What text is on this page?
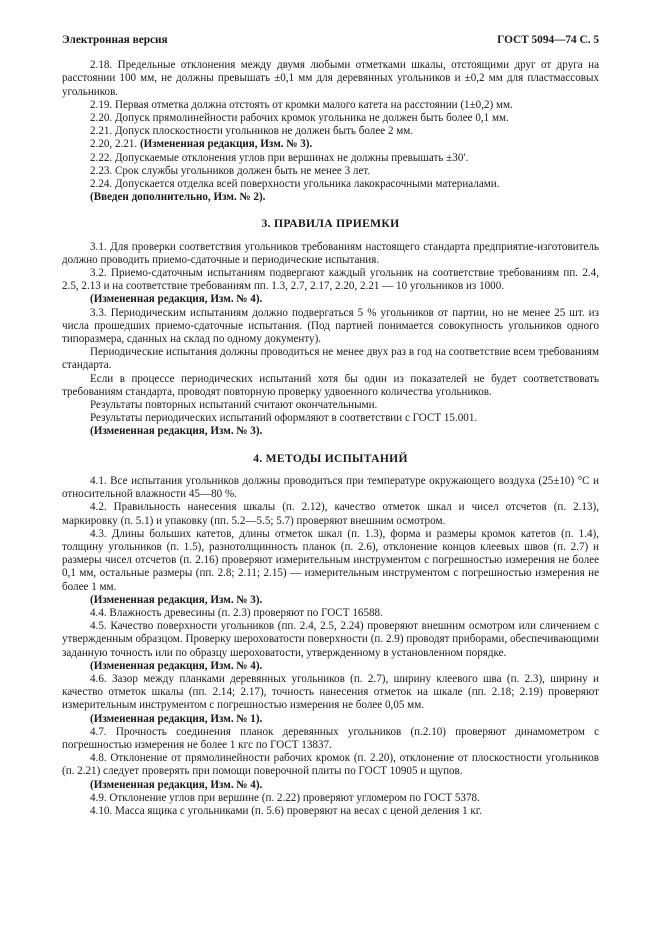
Электронная версия	ГОСТ 5094—74 С. 5

2.18. Предельные отклонения между двумя любыми отметками шкалы, отстоящими друг от друга на расстоянии 100 мм, не должны превышать ±0,1 мм для деревянных угольников и ±0,2 мм для пластмассовых угольников.

2.19. Первая отметка должна отстоять от кромки малого катета на расстоянии (1±0,2) мм.

2.20. Допуск прямолинейности рабочих кромок угольника не должен быть более 0,1 мм.

2.21. Допуск плоскостности угольников не должен быть более 2 мм.

2.20, 2.21. (Измененная редакция, Изм. № 3).

2.22. Допускаемые отклонения углов при вершинах не должны превышать ±30′.

2.23. Срок службы угольников должен быть не менее 3 лет.

2.24. Допускается отделка всей поверхности угольника лакокрасочными материалами.

(Введен дополнительно, Изм. № 2).

3. ПРАВИЛА ПРИЕМКИ

3.1. Для проверки соответствия угольников требованиям настоящего стандарта предприятие-изготовитель должно проводить приемо-сдаточные и периодические испытания.

3.2. Приемо-сдаточным испытаниям подвергают каждый угольник на соответствие требованиям пп. 2.4, 2.5, 2.13 и на соответствие требованиям пп. 1.3, 2.7, 2.17, 2.20, 2.21 — 10 угольников из 1000.

(Измененная редакция, Изм. № 4).

3.3. Периодическим испытаниям должно подвергаться 5 % угольников от партии, но не менее 25 шт. из числа прошедших приемо-сдаточные испытания. (Под партией понимается совокупность угольников одного типоразмера, сданных на склад по одному документу).

Периодические испытания должны проводиться не менее двух раз в год на соответствие всем требованиям стандарта.

Если в процессе периодических испытаний хотя бы один из показателей не будет соответствовать требованиям стандарта, проводят повторную проверку удвоенного количества угольников.

Результаты повторных испытаний считают окончательными.

Результаты периодических испытаний оформляют в соответствии с ГОСТ 15.001.

(Измененная редакция, Изм. № 3).

4. МЕТОДЫ ИСПЫТАНИЙ

4.1. Все испытания угольников должны проводиться при температуре окружающего воздуха (25±10) °С и относительной влажности 45—80 %.

4.2. Правильность нанесения шкалы (п. 2.12), качество отметок шкал и чисел отсчетов (п. 2.13), маркировку (п. 5.1) и упаковку (пп. 5.2—5.5; 5.7) проверяют внешним осмотром.

4.3. Длины больших катетов, длины отметок шкал (п. 1.3), форма и размеры кромок катетов (п. 1.4), толщину угольников (п. 1.5), разнотолщинность планок (п. 2.6), отклонение концов клеевых швов (п. 2.7) и размеры чисел отсчетов (п. 2.16) проверяют измерительным инструментом с погрешностью измерения не более 0,1 мм, остальные размеры (пп. 2.8; 2.11; 2.15) — измерительным инструментом с погрешностью измерения не более 1 мм.

(Измененная редакция, Изм. № 3).

4.4. Влажность древесины (п. 2.3) проверяют по ГОСТ 16588.

4.5. Качество поверхности угольников (пп. 2.4, 2.5, 2.24) проверяют внешним осмотром или сличением с утвержденным образцом. Проверку шероховатости поверхности (п. 2.9) проводят приборами, обеспечивающими заданную точность или по образцу шероховатости, утвержденному в установленном порядке.

(Измененная редакция, Изм. № 4).

4.6. Зазор между планками деревянных угольников (п. 2.7), ширину клеевого шва (п. 2.3), ширину и качество отметок шкалы (пп. 2.14; 2.17), точность нанесения отметок на шкале (пп. 2.18; 2.19) проверяют измерительным инструментом с погрешностью измерения не более 0,05 мм.

(Измененная редакция, Изм. № 1).

4.7. Прочность соединения планок деревянных угольников (п.2.10) проверяют динамометром с погрешностью измерения не более 1 кгс по ГОСТ 13837.

4.8. Отклонение от прямолинейности рабочих кромок (п. 2.20), отклонение от плоскостности угольников (п. 2.21) следует проверять при помощи поверочной плиты по ГОСТ 10905 и щупов.

(Измененная редакция, Изм. № 4).

4.9. Отклонение углов при вершине (п. 2.22) проверяют угломером по ГОСТ 5378.

4.10. Масса ящика с угольниками (п. 5.6) проверяют на весах с ценой деления 1 кг.
